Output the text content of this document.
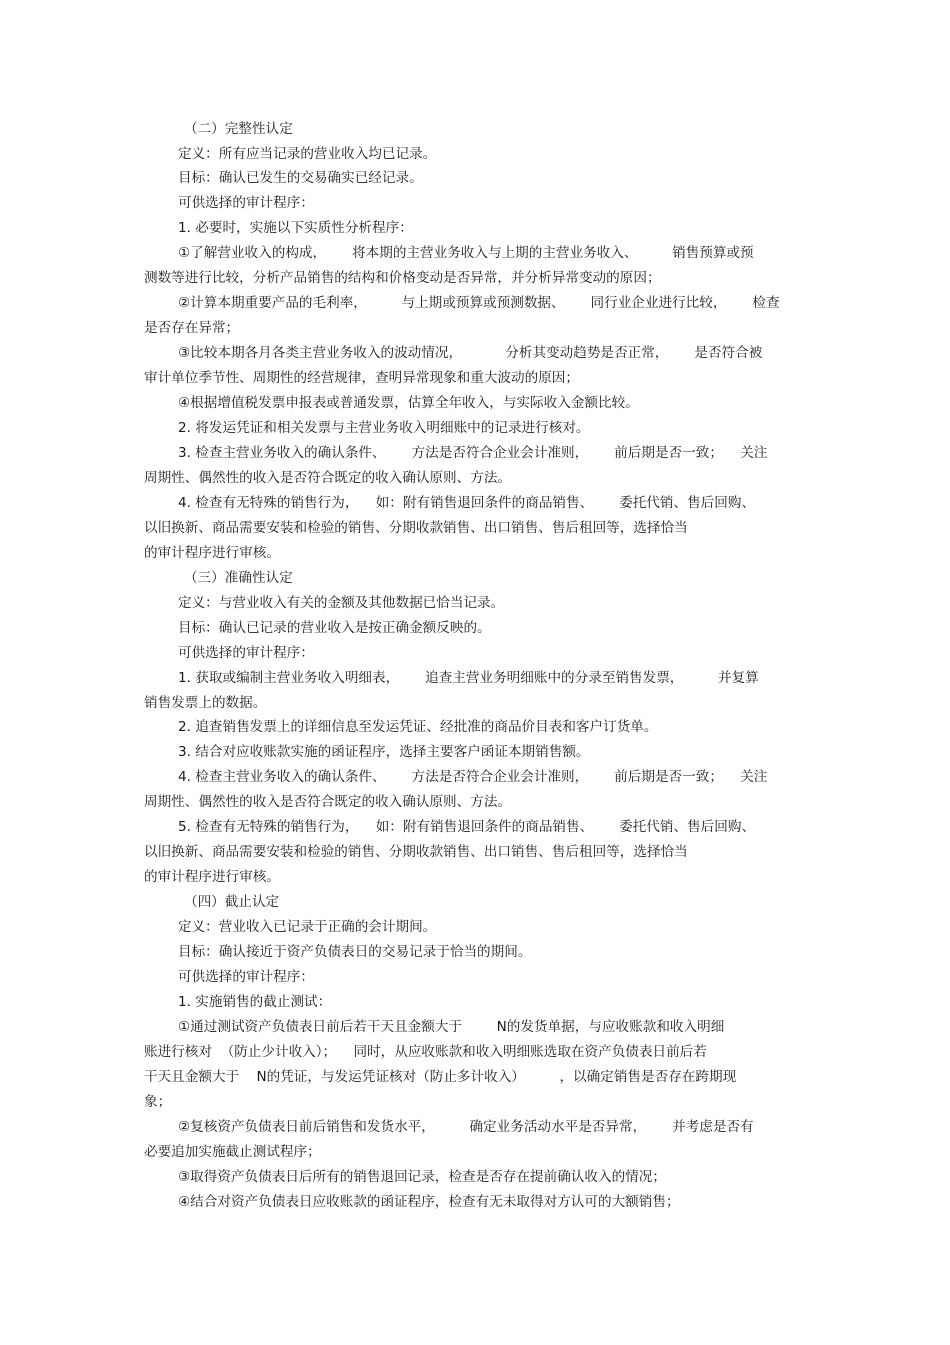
（二）完整性认定
定义：所有应当记录的营业收入均已记录。
目标：确认已发生的交易确实已经记录。
可供选择的审计程序：
1. 必要时，实施以下实质性分析程序：
①了解营业收入的构成，      将本期的主营业务收入与上期的主营业务收入、        销售预算或预
测数等进行比较，分析产品销售的结构和价格变动是否异常，并分析异常变动的原因；
②计算本期重要产品的毛利率，        与上期或预算或预测数据、      同行业企业进行比较，      检查
是否存在异常；
③比较本期各月各类主营业务收入的波动情况，          分析其变动趋势是否正常，      是否符合被
审计单位季节性、周期性的经营规律，查明异常现象和重大波动的原因；
④根据增值税发票申报表或普通发票，估算全年收入，与实际收入金额比较。
2. 将发运凭证和相关发票与主营业务收入明细账中的记录进行核对。
3. 检查主营业务收入的确认条件、      方法是否符合企业会计准则，      前后期是否一致；    关注
周期性、偶然性的收入是否符合既定的收入确认原则、方法。
4. 检查有无特殊的销售行为，    如：附有销售退回条件的商品销售、      委托代销、售后回购、
以旧换新、商品需要安装和检验的销售、分期收款销售、出口销售、售后租回等，选择恰当
的审计程序进行审核。
（三）准确性认定
定义：与营业收入有关的金额及其他数据已恰当记录。
目标：确认已记录的营业收入是按正确金额反映的。
可供选择的审计程序：
1. 获取或编制主营业务收入明细表，      追查主营业务明细账中的分录至销售发票，        并复算
销售发票上的数据。
2. 追查销售发票上的详细信息至发运凭证、经批准的商品价目表和客户订货单。
3. 结合对应收账款实施的函证程序，选择主要客户函证本期销售额。
4. 检查主营业务收入的确认条件、      方法是否符合企业会计准则，      前后期是否一致；    关注
周期性、偶然性的收入是否符合既定的收入确认原则、方法。
5. 检查有无特殊的销售行为，    如：附有销售退回条件的商品销售、      委托代销、售后回购、
以旧换新、商品需要安装和检验的销售、分期收款销售、出口销售、售后租回等，选择恰当
的审计程序进行审核。
（四）截止认定
定义：营业收入已记录于正确的会计期间。
目标：确认接近于资产负债表日的交易记录于恰当的期间。
可供选择的审计程序：
1. 实施销售的截止测试：
①通过测试资产负债表日前后若干天且金额大于        N的发货单据，与应收账款和收入明细
账进行核对  （防止少计收入）；    同时，从应收账款和收入明细账选取在资产负债表日前后若
干天且金额大于    N的凭证，与发运凭证核对（防止多计收入）        ，以确定销售是否存在跨期现
象；
②复核资产负债表日前后销售和发货水平，        确定业务活动水平是否异常，      并考虑是否有
必要追加实施截止测试程序；
③取得资产负债表日后所有的销售退回记录，检查是否存在提前确认收入的情况；
④结合对资产负债表日应收账款的函证程序，检查有无未取得对方认可的大额销售；
